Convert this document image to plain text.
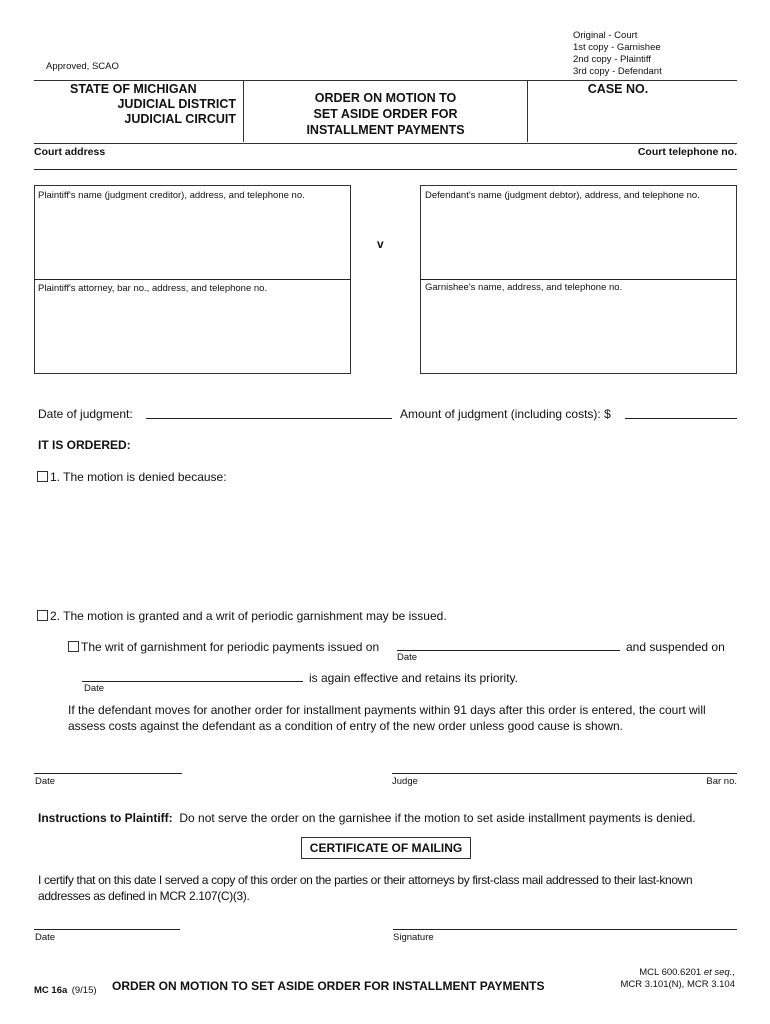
Original - Court
1st copy - Garnishee
2nd copy - Plaintiff
3rd copy - Defendant
Approved, SCAO
STATE OF MICHIGAN
JUDICIAL DISTRICT
JUDICIAL CIRCUIT
ORDER ON MOTION TO
SET ASIDE ORDER FOR
INSTALLMENT PAYMENTS
CASE NO.
Court address	Court telephone no.
Plaintiff's name (judgment creditor), address, and telephone no.
Plaintiff's attorney, bar no., address, and telephone no.
v
Defendant's name (judgment debtor), address, and telephone no.
Garnishee's name, address, and telephone no.
Date of judgment:	Amount of judgment (including costs): $
IT IS ORDERED:
1. The motion is denied because:
2. The motion is granted and a writ of periodic garnishment may be issued.
The writ of garnishment for periodic payments issued on
Date
and suspended on
Date
is again effective and retains its priority.
If the defendant moves for another order for installment payments within 91 days after this order is entered, the court will assess costs against the defendant as a condition of entry of the new order unless good cause is shown.
Date	Judge	Bar no.
Instructions to Plaintiff: Do not serve the order on the garnishee if the motion to set aside installment payments is denied.
CERTIFICATE OF MAILING
I certify that on this date I served a copy of this order on the parties or their attorneys by first-class mail addressed to their last-known addresses as defined in MCR 2.107(C)(3).
Date	Signature
MC 16a (9/15) ORDER ON MOTION TO SET ASIDE ORDER FOR INSTALLMENT PAYMENTS
MCL 600.6201 et seq.,
MCR 3.101(N), MCR 3.104
